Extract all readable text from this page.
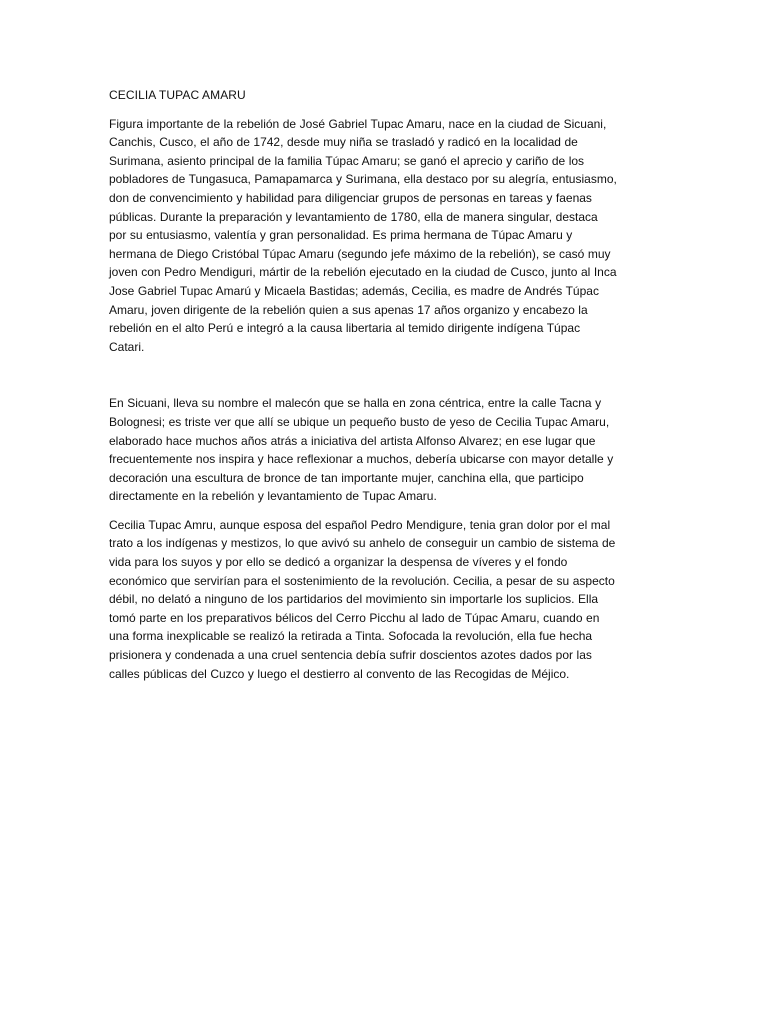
CECILIA TUPAC AMARU

Figura importante de la rebelión de José Gabriel Tupac Amaru, nace en la ciudad de Sicuani,
Canchis, Cusco, el año de 1742, desde muy niña se trasladó y radicó en la localidad de
Surimana, asiento principal de la familia Túpac Amaru; se ganó el aprecio y cariño de los
pobladores de Tungasuca, Pamapamarca y Surimana, ella destaco por su alegría, entusiasmo,
don de convencimiento y habilidad para diligenciar grupos de personas en tareas y faenas
públicas. Durante la preparación y levantamiento de 1780, ella de manera singular, destaca
por su entusiasmo, valentía y gran personalidad. Es prima hermana de Túpac Amaru y
hermana de Diego Cristóbal Túpac Amaru (segundo jefe máximo de la rebelión), se casó muy
joven con Pedro Mendiguri, mártir de la rebelión ejecutado en la ciudad de Cusco, junto al Inca
Jose Gabriel Tupac Amarú y Micaela Bastidas; además, Cecilia, es madre de Andrés Túpac
Amaru, joven dirigente de la rebelión quien a sus apenas 17 años organizo y encabezo la
rebelión en el alto Perú e integró a la causa libertaria al temido dirigente indígena Túpac
Catari.

En Sicuani, lleva su nombre el malecón que se halla en zona céntrica, entre la calle Tacna y
Bolognesi; es triste ver que allí se ubique un pequeño busto de yeso de Cecilia Tupac Amaru,
elaborado hace muchos años atrás a iniciativa del artista Alfonso Alvarez; en ese lugar que
frecuentemente nos inspira y hace reflexionar a muchos, debería ubicarse con mayor detalle y
decoración una escultura de bronce de tan importante mujer, canchina ella, que participo
directamente en la rebelión y levantamiento de Tupac Amaru.

Cecilia Tupac Amru, aunque esposa del español Pedro Mendigure, tenia gran dolor por el mal
trato a los indígenas y mestizos, lo que avivó su anhelo de conseguir un cambio de sistema de
vida para los suyos y por ello se dedicó a organizar la despensa de víveres y el fondo
económico que servirían para el sostenimiento de la revolución. Cecilia, a pesar de su aspecto
débil, no delató a ninguno de los partidarios del movimiento sin importarle los suplicios. Ella
tomó parte en los preparativos bélicos del Cerro Picchu al lado de Túpac Amaru, cuando en
una forma inexplicable se realizó la retirada a Tinta. Sofocada la revolución, ella fue hecha
prisionera y condenada a una cruel sentencia debía sufrir doscientos azotes dados por las
calles públicas del Cuzco y luego el destierro al convento de las Recogidas de Méjico.
